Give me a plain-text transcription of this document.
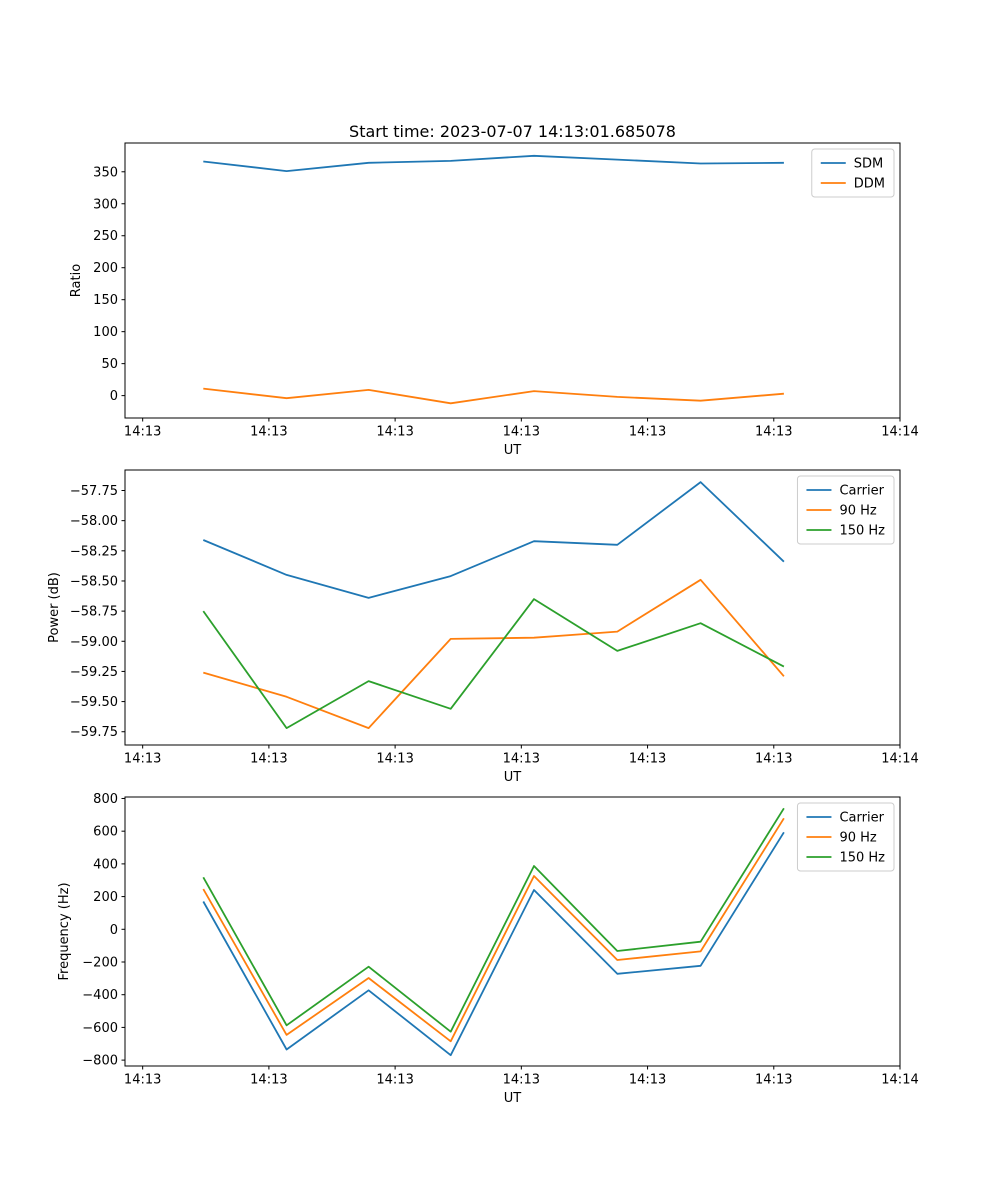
Start time: 2023-07-07 14:13:01.685078
14:13	14:13	14:13	14:13	14:13	14:13	14:14
0
50
100
150
200
250
300
350
UT
Ratio
SDM
DDM
14:13	14:13	14:13	14:13	14:13	14:13	14:14
−59.75
−59.50
−59.25
−59.00
−58.75
−58.50
−58.25
−58.00
−57.75
UT
Power (dB)
Carrier
90 Hz
150 Hz
14:13	14:13	14:13	14:13	14:13	14:13	14:14
−800
−600
−400
−200
0
200
400
600
800
UT
Frequency (Hz)
Carrier
90 Hz
150 Hz
